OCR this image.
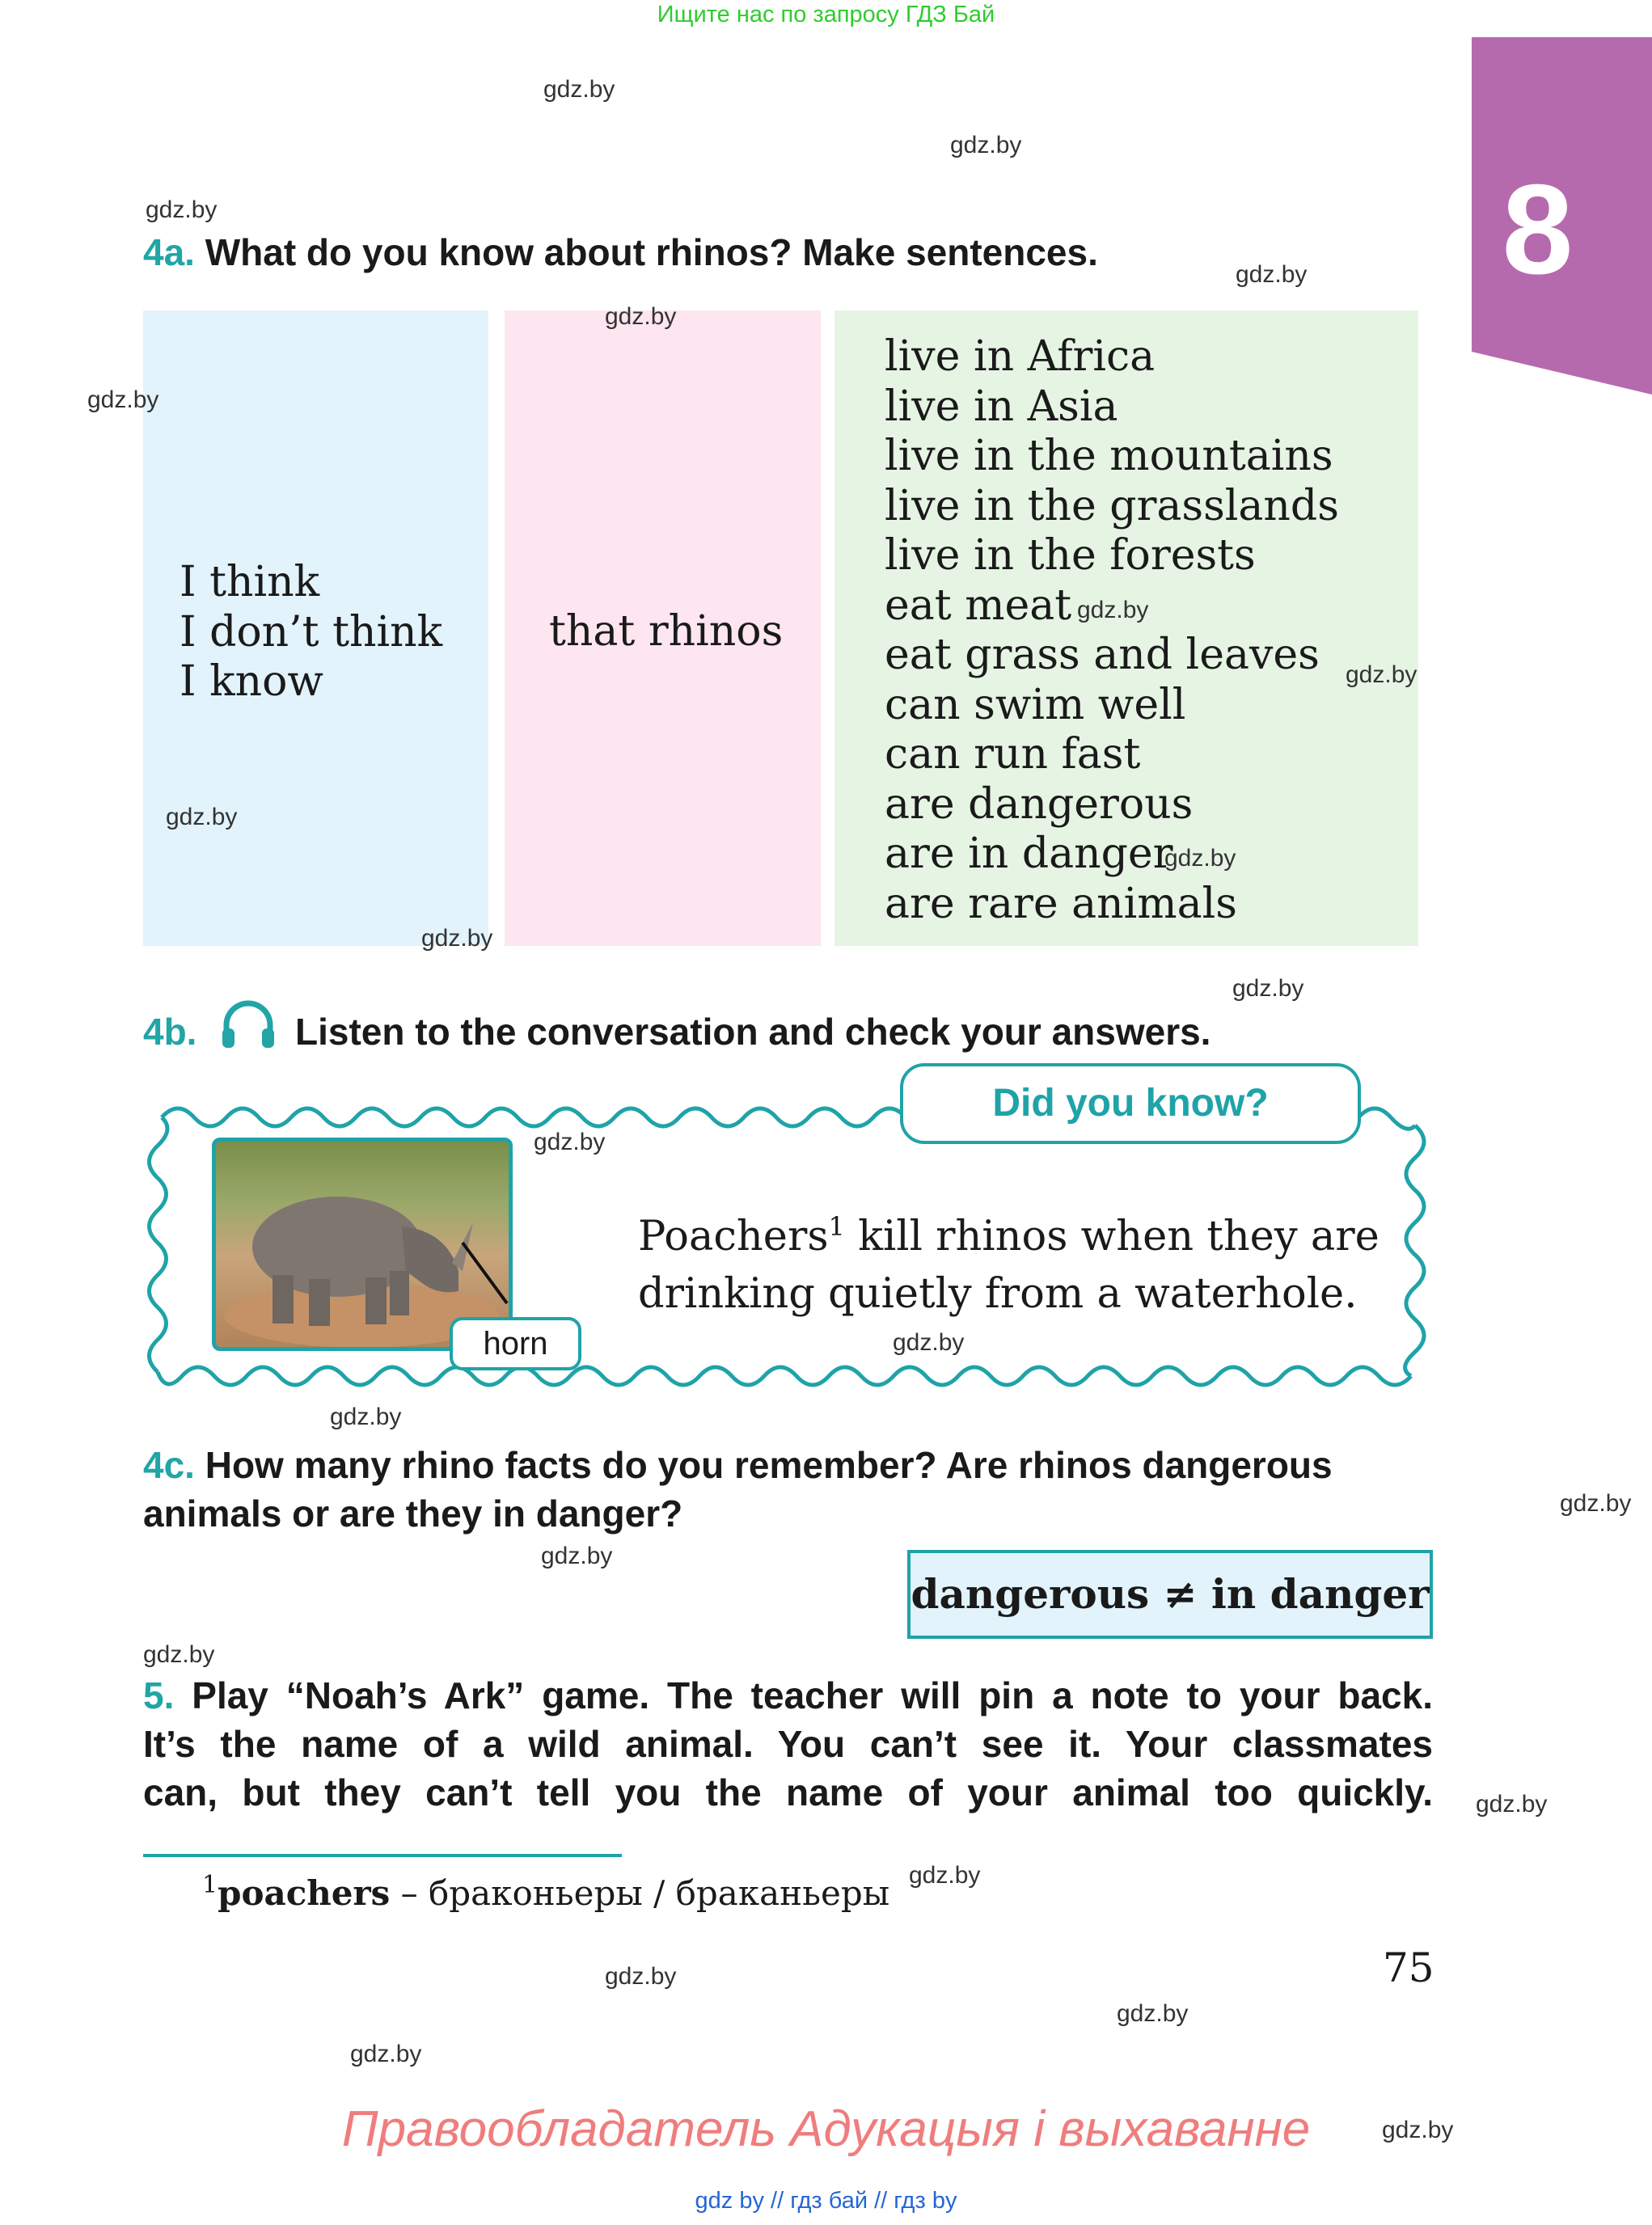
Ищите нас по запросу ГДЗ Бай
8
4a. What do you know about rhinos? Make sentences.
I think
I don’t think
I know
that rhinos
live in Africa
live in Asia
live in the mountains
live in the grasslands
live in the forests
eat meat
eat grass and leaves
can swim well
can run fast
are dangerous
are in danger
are rare animals
4b.	Listen to the conversation and check your answers.
Did you know?
horn
Poachers$^1$ kill rhinos when they are
drinking quietly from a waterhole.
4c. How many rhino facts do you remember? Are rhinos dangerous animals or are they in danger?
dangerous ≠ in danger
5. Play “Noah’s Ark” game. The teacher will pin a note to your back.
It’s the name of a wild animal. You can’t see it. Your classmates
can, but they can’t tell you the name of your animal too quickly.
$^1$poachers – браконьеры / браканьеры
75
Правообладатель Адукацыя і выхаванне
gdz by // гдз бай // гдз by
gdz.by
gdz.by
gdz.by
gdz.by
gdz.by
gdz.by
gdz.by
gdz.by
gdz.by
gdz.by
gdz.by
gdz.by
gdz.by
gdz.by
gdz.by
gdz.by
gdz.by
gdz.by
gdz.by
gdz.by
gdz.by
gdz.by
gdz.by
gdz.by
